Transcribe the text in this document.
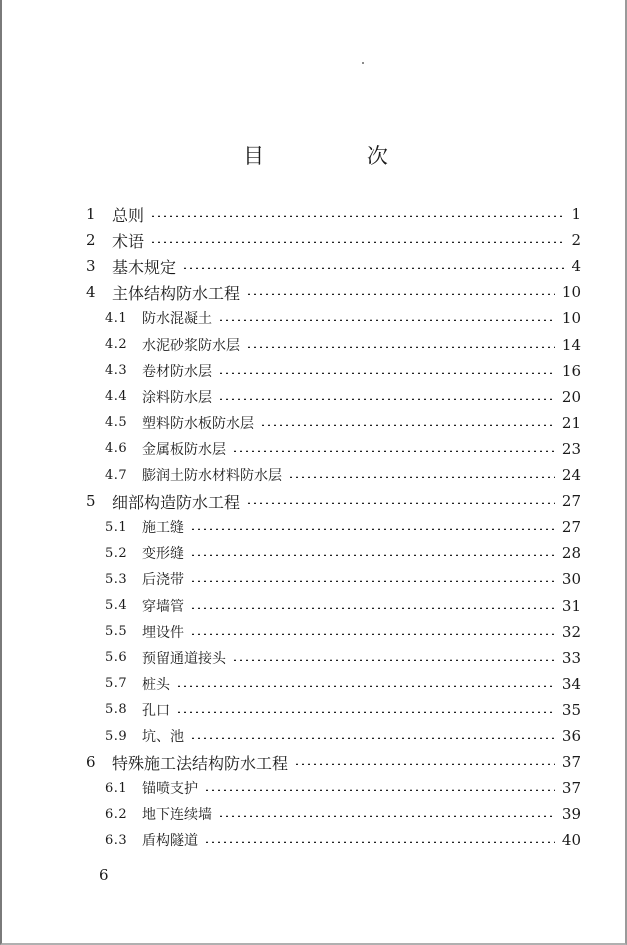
目 次
1 总则	1
2 术语	2
3 基木规定	4
4 主体结构防水工程	10
4.1 防水混凝土	10
4.2 水泥砂浆防水层	14
4.3 卷材防水层	16
4.4 涂料防水层	20
4.5 塑料防水板防水层	21
4.6 金属板防水层	23
4.7 膨润土防水材料防水层	24
5 细部构造防水工程	27
5.1 施工缝	27
5.2 变形缝	28
5.3 后浇带	30
5.4 穿墙管	31
5.5 埋设件	32
5.6 预留通道接头	33
5.7 桩头	34
5.8 孔口	35
5.9 坑、池	36
6 特殊施工法结构防水工程	37
6.1 锚喷支护	37
6.2 地下连续墙	39
6.3 盾构隧道	40
6
